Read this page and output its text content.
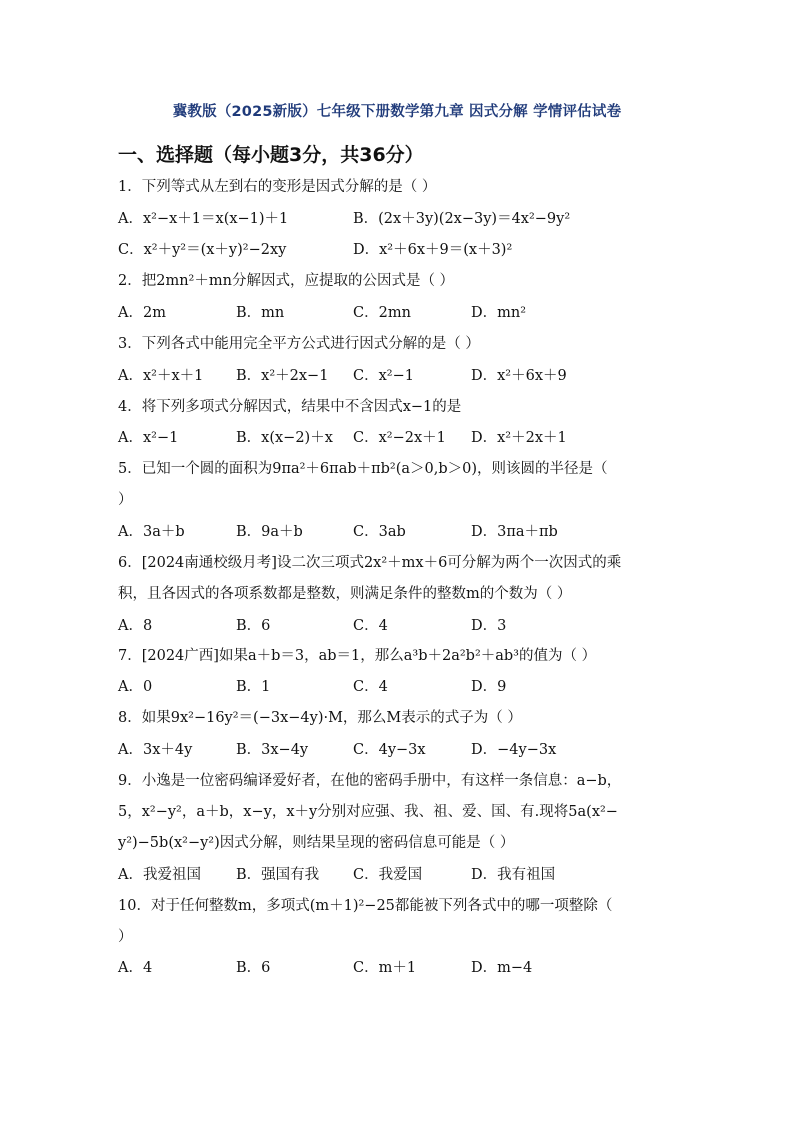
冀教版（2025新版）七年级下册数学第九章 因式分解 学情评估试卷
一、选择题（每小题3分，共36分）
1．下列等式从左到右的变形是因式分解的是（ ）
A．x²−x＋1＝x(x−1)＋1	B．(2x＋3y)(2x−3y)＝4x²−9y²
C．x²＋y²＝(x＋y)²−2xy	D．x²＋6x＋9＝(x＋3)²
2．把2mn²＋mn分解因式，应提取的公因式是（ ）
A．2m	B．mn	C．2mn	D．mn²
3．下列各式中能用完全平方公式进行因式分解的是（ ）
A．x²＋x＋1 B．x²＋2x−1 C．x²−1	D．x²＋6x＋9
4．将下列多项式分解因式，结果中不含因式x−1的是
A．x²−1	B．x(x−2)＋x C．x²−2x＋1 D．x²＋2x＋1
5．已知一个圆的面积为9πa²＋6πab＋πb²(a＞0,b＞0)，则该圆的半径是（
）
A．3a＋b	B．9a＋b	C．3ab	D．3πa＋πb
6．[2024南通校级月考]设二次三项式2x²＋mx＋6可分解为两个一次因式的乘
积，且各因式的各项系数都是整数，则满足条件的整数m的个数为（ ）
A．8	B．6	C．4	D．3
7．[2024广西]如果a＋b＝3，ab＝1，那么a³b＋2a²b²＋ab³的值为（ ）
A．0	B．1	C．4	D．9
8．如果9x²−16y²＝(−3x−4y)·M，那么M表示的式子为（ ）
A．3x＋4y	B．3x−4y	C．4y−3x	D．−4y−3x
9．小逸是一位密码编译爱好者，在他的密码手册中，有这样一条信息：a−b，
5，x²−y²，a＋b，x−y，x＋y分别对应强、我、祖、爱、国、有.现将5a(x²−
y²)−5b(x²−y²)因式分解，则结果呈现的密码信息可能是（ ）
A．我爱祖国 B．强国有我 C．我爱国	D．我有祖国
10．对于任何整数m，多项式(m＋1)²−25都能被下列各式中的哪一项整除（
）
A．4	B．6	C．m＋1	D．m−4
